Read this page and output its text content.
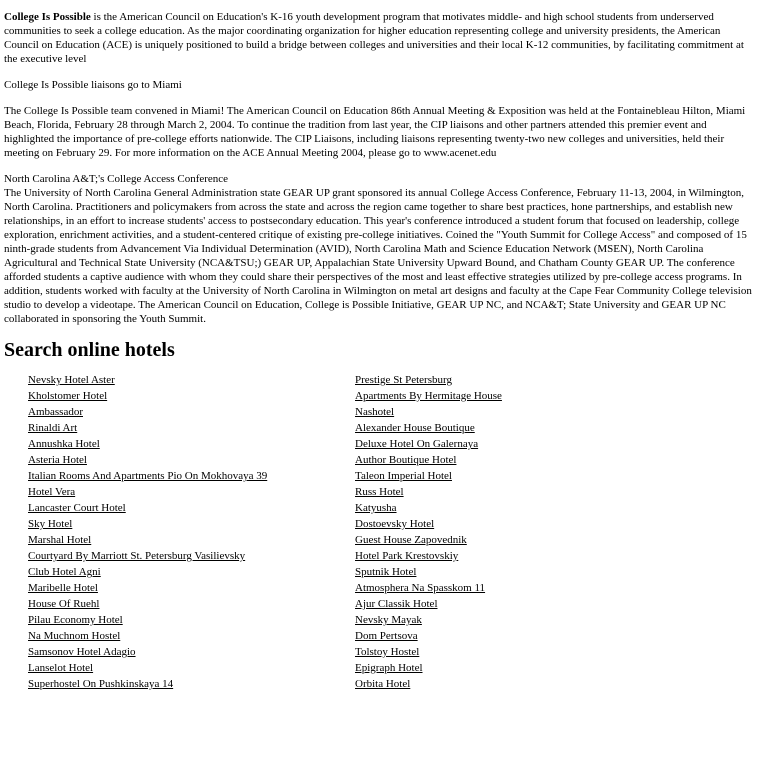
College Is Possible is the American Council on Education's K-16 youth development program that motivates middle- and high school students from underserved communities to seek a college education. As the major coordinating organization for higher education representing college and university presidents, the American Council on Education (ACE) is uniquely positioned to build a bridge between colleges and universities and their local K-12 communities, by facilitating commitment at the executive level

College Is Possible liaisons go to Miami

The College Is Possible team convened in Miami! The American Council on Education 86th Annual Meeting & Exposition was held at the Fontainebleau Hilton, Miami Beach, Florida, February 28 through March 2, 2004. To continue the tradition from last year, the CIP liaisons and other partners attended this premier event and highlighted the importance of pre-college efforts nationwide. The CIP Liaisons, including liaisons representing twenty-two new colleges and universities, held their meeting on February 29. For more information on the ACE Annual Meeting 2004, please go to www.acenet.edu

North Carolina A&T;'s College Access Conference

The University of North Carolina General Administration state GEAR UP grant sponsored its annual College Access Conference, February 11-13, 2004, in Wilmington, North Carolina. Practitioners and policymakers from across the state and across the region came together to share best practices, hone partnerships, and establish new relationships, in an effort to increase students' access to postsecondary education. This year's conference introduced a student forum that focused on leadership, college exploration, enrichment activities, and a student-centered critique of existing pre-college initiatives. Coined the "Youth Summit for College Access" and composed of 15 ninth-grade students from Advancement Via Individual Determination (AVID), North Carolina Math and Science Education Network (MSEN), North Carolina Agricultural and Technical State University (NCA&TSU;) GEAR UP, Appalachian State University Upward Bound, and Chatham County GEAR UP. The conference afforded students a captive audience with whom they could share their perspectives of the most and least effective strategies utilized by pre-college access programs. In addition, students worked with faculty at the University of North Carolina in Wilmington on metal art designs and faculty at the Cape Fear Community College television studio to develop a videotape. The American Council on Education, College is Possible Initiative, GEAR UP NC, and NCA&T; State University and GEAR UP NC collaborated in sponsoring the Youth Summit.

Search online hotels
Nevsky Hotel Aster
Kholstomer Hotel
Ambassador
Rinaldi Art
Annushka Hotel
Asteria Hotel
Italian Rooms And Apartments Pio On Mokhovaya 39
Hotel Vera
Lancaster Court Hotel
Sky Hotel
Marshal Hotel
Courtyard By Marriott St. Petersburg Vasilievsky
Club Hotel Agni
Maribelle Hotel
House Of Ruehl
Pilau Economy Hotel
Na Muchnom Hostel
Samsonov Hotel Adagio
Lanselot Hotel
Superhostel On Pushkinskaya 14
Prestige St Petersburg
Apartments By Hermitage House
Nashotel
Alexander House Boutique
Deluxe Hotel On Galernaya
Author Boutique Hotel
Taleon Imperial Hotel
Russ Hotel
Katyusha
Dostoevsky Hotel
Guest House Zapovednik
Hotel Park Krestovskiy
Sputnik Hotel
Atmosphera Na Spasskom 11
Ajur Classik Hotel
Nevsky Mayak
Dom Pertsova
Tolstoy Hostel
Epigraph Hotel
Orbita Hotel
